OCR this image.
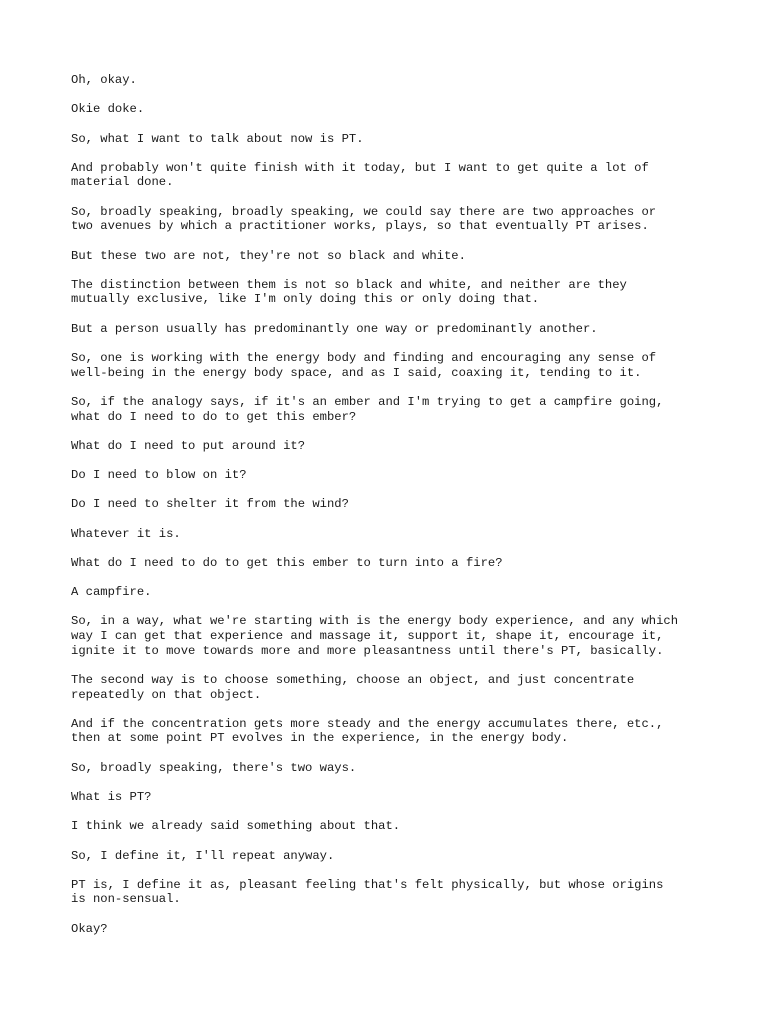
Oh, okay.

Okie doke.

So, what I want to talk about now is PT.

And probably won't quite finish with it today, but I want to get quite a lot of
material done.

So, broadly speaking, broadly speaking, we could say there are two approaches or
two avenues by which a practitioner works, plays, so that eventually PT arises.

But these two are not, they're not so black and white.

The distinction between them is not so black and white, and neither are they
mutually exclusive, like I'm only doing this or only doing that.

But a person usually has predominantly one way or predominantly another.

So, one is working with the energy body and finding and encouraging any sense of
well-being in the energy body space, and as I said, coaxing it, tending to it.

So, if the analogy says, if it's an ember and I'm trying to get a campfire going,
what do I need to do to get this ember?

What do I need to put around it?

Do I need to blow on it?

Do I need to shelter it from the wind?

Whatever it is.

What do I need to do to get this ember to turn into a fire?

A campfire.

So, in a way, what we're starting with is the energy body experience, and any which
way I can get that experience and massage it, support it, shape it, encourage it,
ignite it to move towards more and more pleasantness until there's PT, basically.

The second way is to choose something, choose an object, and just concentrate
repeatedly on that object.

And if the concentration gets more steady and the energy accumulates there, etc.,
then at some point PT evolves in the experience, in the energy body.

So, broadly speaking, there's two ways.

What is PT?

I think we already said something about that.

So, I define it, I'll repeat anyway.

PT is, I define it as, pleasant feeling that's felt physically, but whose origins
is non-sensual.

Okay?
